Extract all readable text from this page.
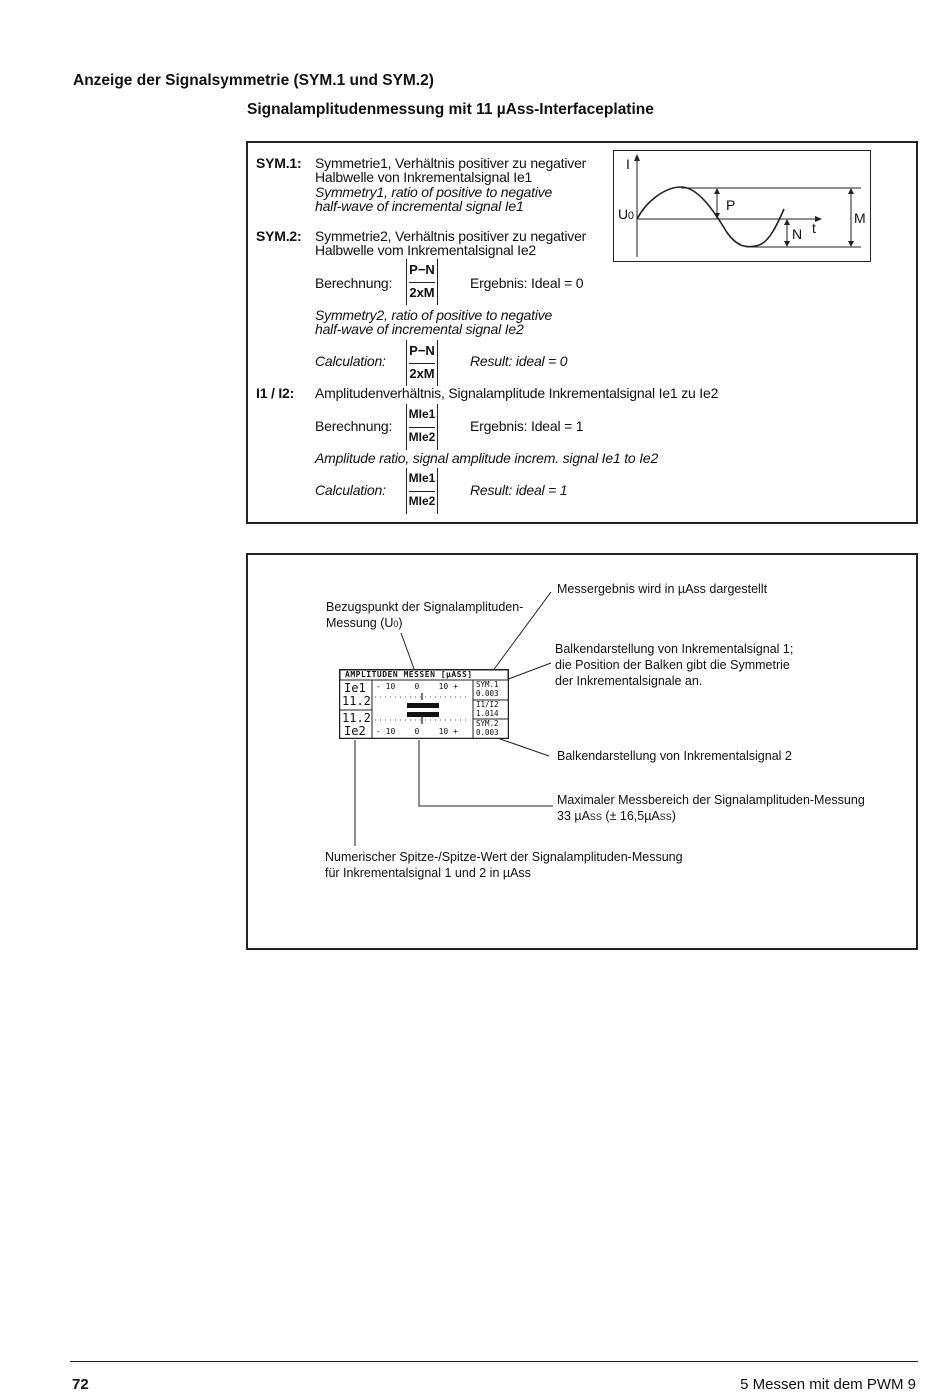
Anzeige der Signalsymmetrie (SYM.1 und SYM.2)
Signalamplitudenmessung mit 11 µAss-Interfaceplatine
SYM.1: Symmetrie1, Verhältnis positiver zu negativer
Halbwelle von Inkrementalsignal Ie1
Symmetry1, ratio of positive to negative
half-wave of incremental signal Ie1
SYM.2: Symmetrie2, Verhältnis positiver zu negativer
Halbwelle vom Inkrementalsignal Ie2
Berechnung:
P−N
2xM
Ergebnis: Ideal = 0
Symmetry2, ratio of positive to negative
half-wave of incremental signal Ie2
Calculation:
P−N
2xM
Result: ideal = 0
I1 / I2: Amplitudenverhältnis, Signalamplitude Inkrementalsignal Ie1 zu Ie2
Berechnung:
MIe1
MIe2
Ergebnis: Ideal = 1
Amplitude ratio, signal amplitude increm. signal Ie1 to Ie2
Calculation:
MIe1
MIe2
Result: ideal = 1
I
U0
P
N t
M
Messergebnis wird in µAss dargestellt
Bezugspunkt der Signalamplituden-
Messung (U0)
Balkendarstellung von Inkrementalsignal 1;
die Position der Balken gibt die Symmetrie
der Inkrementalsignale an.
Balkendarstellung von Inkrementalsignal 2
Maximaler Messbereich der Signalamplituden-Messung
33 µASS (± 16,5µASS)
Numerischer Spitze-/Spitze-Wert der Signalamplituden-Messung
für Inkrementalsignal 1 und 2 in µAss
AMPLITUDEN MESSEN [µASS]
Ie1
11.2
11.2
Ie2
- 10    0    10 +
- 10    0    10 +
SYM.1
0.003
I1/I2
1.014
SYM.2
0.003
72	5 Messen mit dem PWM 9
